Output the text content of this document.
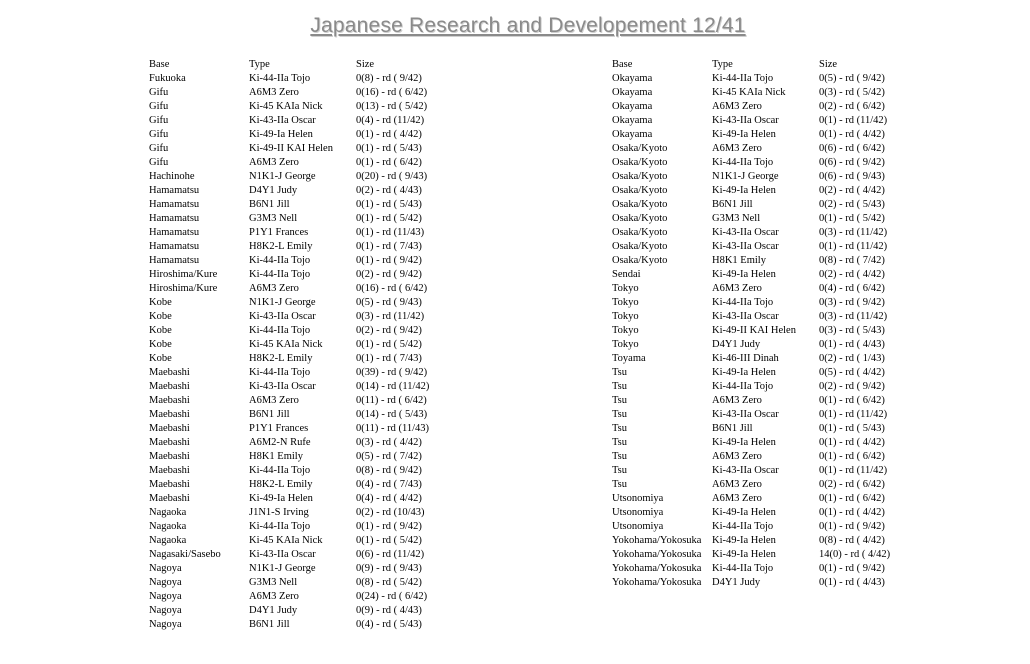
Japanese Research and Developement 12/41
Base	Type	Size
Fukuoka	Ki-44-IIa Tojo	0(8) - rd ( 9/42)
Gifu	A6M3 Zero	0(16) - rd ( 6/42)
Gifu	Ki-45 KAIa Nick	0(13) - rd ( 5/42)
Gifu	Ki-43-IIa Oscar	0(4) - rd (11/42)
Gifu	Ki-49-Ia Helen	0(1) - rd ( 4/42)
Gifu	Ki-49-II KAI Helen	0(1) - rd ( 5/43)
Gifu	A6M3 Zero	0(1) - rd ( 6/42)
Hachinohe	N1K1-J George	0(20) - rd ( 9/43)
Hamamatsu	D4Y1 Judy	0(2) - rd ( 4/43)
Hamamatsu	B6N1 Jill	0(1) - rd ( 5/43)
Hamamatsu	G3M3 Nell	0(1) - rd ( 5/42)
Hamamatsu	P1Y1 Frances	0(1) - rd (11/43)
Hamamatsu	H8K2-L Emily	0(1) - rd ( 7/43)
Hamamatsu	Ki-44-IIa Tojo	0(1) - rd ( 9/42)
Hiroshima/Kure	Ki-44-IIa Tojo	0(2) - rd ( 9/42)
Hiroshima/Kure	A6M3 Zero	0(16) - rd ( 6/42)
Kobe	N1K1-J George	0(5) - rd ( 9/43)
Kobe	Ki-43-IIa Oscar	0(3) - rd (11/42)
Kobe	Ki-44-IIa Tojo	0(2) - rd ( 9/42)
Kobe	Ki-45 KAIa Nick	0(1) - rd ( 5/42)
Kobe	H8K2-L Emily	0(1) - rd ( 7/43)
Maebashi	Ki-44-IIa Tojo	0(39) - rd ( 9/42)
Maebashi	Ki-43-IIa Oscar	0(14) - rd (11/42)
Maebashi	A6M3 Zero	0(11) - rd ( 6/42)
Maebashi	B6N1 Jill	0(14) - rd ( 5/43)
Maebashi	P1Y1 Frances	0(11) - rd (11/43)
Maebashi	A6M2-N Rufe	0(3) - rd ( 4/42)
Maebashi	H8K1 Emily	0(5) - rd ( 7/42)
Maebashi	Ki-44-IIa Tojo	0(8) - rd ( 9/42)
Maebashi	H8K2-L Emily	0(4) - rd ( 7/43)
Maebashi	Ki-49-Ia Helen	0(4) - rd ( 4/42)
Nagaoka	J1N1-S Irving	0(2) - rd (10/43)
Nagaoka	Ki-44-IIa Tojo	0(1) - rd ( 9/42)
Nagaoka	Ki-45 KAIa Nick	0(1) - rd ( 5/42)
Nagasaki/Sasebo	Ki-43-IIa Oscar	0(6) - rd (11/42)
Nagoya	N1K1-J George	0(9) - rd ( 9/43)
Nagoya	G3M3 Nell	0(8) - rd ( 5/42)
Nagoya	A6M3 Zero	0(24) - rd ( 6/42)
Nagoya	D4Y1 Judy	0(9) - rd ( 4/43)
Nagoya	B6N1 Jill	0(4) - rd ( 5/43)
Base	Type	Size
Okayama	Ki-44-IIa Tojo	0(5) - rd ( 9/42)
Okayama	Ki-45 KAIa Nick	0(3) - rd ( 5/42)
Okayama	A6M3 Zero	0(2) - rd ( 6/42)
Okayama	Ki-43-IIa Oscar	0(1) - rd (11/42)
Okayama	Ki-49-Ia Helen	0(1) - rd ( 4/42)
Osaka/Kyoto	A6M3 Zero	0(6) - rd ( 6/42)
Osaka/Kyoto	Ki-44-IIa Tojo	0(6) - rd ( 9/42)
Osaka/Kyoto	N1K1-J George	0(6) - rd ( 9/43)
Osaka/Kyoto	Ki-49-Ia Helen	0(2) - rd ( 4/42)
Osaka/Kyoto	B6N1 Jill	0(2) - rd ( 5/43)
Osaka/Kyoto	G3M3 Nell	0(1) - rd ( 5/42)
Osaka/Kyoto	Ki-43-IIa Oscar	0(3) - rd (11/42)
Osaka/Kyoto	Ki-43-IIa Oscar	0(1) - rd (11/42)
Osaka/Kyoto	H8K1 Emily	0(8) - rd ( 7/42)
Sendai	Ki-49-Ia Helen	0(2) - rd ( 4/42)
Tokyo	A6M3 Zero	0(4) - rd ( 6/42)
Tokyo	Ki-44-IIa Tojo	0(3) - rd ( 9/42)
Tokyo	Ki-43-IIa Oscar	0(3) - rd (11/42)
Tokyo	Ki-49-II KAI Helen	0(3) - rd ( 5/43)
Tokyo	D4Y1 Judy	0(1) - rd ( 4/43)
Toyama	Ki-46-III Dinah	0(2) - rd ( 1/43)
Tsu	Ki-49-Ia Helen	0(5) - rd ( 4/42)
Tsu	Ki-44-IIa Tojo	0(2) - rd ( 9/42)
Tsu	A6M3 Zero	0(1) - rd ( 6/42)
Tsu	Ki-43-IIa Oscar	0(1) - rd (11/42)
Tsu	B6N1 Jill	0(1) - rd ( 5/43)
Tsu	Ki-49-Ia Helen	0(1) - rd ( 4/42)
Tsu	A6M3 Zero	0(1) - rd ( 6/42)
Tsu	Ki-43-IIa Oscar	0(1) - rd (11/42)
Tsu	A6M3 Zero	0(2) - rd ( 6/42)
Utsonomiya	A6M3 Zero	0(1) - rd ( 6/42)
Utsonomiya	Ki-49-Ia Helen	0(1) - rd ( 4/42)
Utsonomiya	Ki-44-IIa Tojo	0(1) - rd ( 9/42)
Yokohama/Yokosuka	Ki-49-Ia Helen	0(8) - rd ( 4/42)
Yokohama/Yokosuka	Ki-49-Ia Helen	14(0) - rd ( 4/42)
Yokohama/Yokosuka	Ki-44-IIa Tojo	0(1) - rd ( 9/42)
Yokohama/Yokosuka	D4Y1 Judy	0(1) - rd ( 4/43)
